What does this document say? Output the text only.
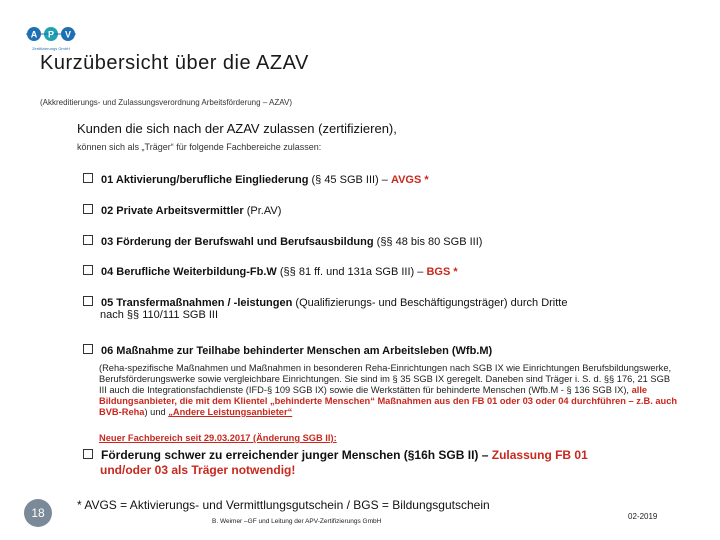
A P V
Zertifizierungs GmbH
Kurzübersicht über die AZAV
(Akkreditierungs- und Zulassungsverordnung Arbeitsförderung – AZAV)
Kunden die sich nach der AZAV zulassen (zertifizieren),
können sich als „Träger“ für folgende Fachbereiche zulassen:
01 Aktivierung/berufliche Eingliederung (§ 45 SGB III) – AVGS *
02 Private Arbeitsvermittler (Pr.AV)
03 Förderung der Berufswahl und Berufsausbildung (§§ 48 bis 80 SGB III)
04 Berufliche Weiterbildung-Fb.W (§§ 81 ff. und 131a SGB III) – BGS *
05 Transfermaßnahmen / -leistungen (Qualifizierungs- und Beschäftigungsträger) durch Dritte
nach §§ 110/111 SGB III
06 Maßnahme zur Teilhabe behinderter Menschen am Arbeitsleben (Wfb.M)
(Reha-spezifische Maßnahmen und Maßnahmen in besonderen Reha-Einrichtungen nach SGB IX wie Einrichtungen Berufsbildungswerke, Berufsförderungswerke sowie vergleichbare Einrichtungen. Sie sind im § 35 SGB IX geregelt. Daneben sind Träger i. S. d. §§ 176, 21 SGB III auch die Integrationsfachdienste (IFD-§ 109 SGB IX) sowie die Werkstätten für behinderte Menschen (Wfb.M - § 136 SGB IX), alle Bildungsanbieter, die mit dem Klientel „behinderte Menschen“ Maßnahmen aus den FB 01 oder 03 oder 04 durchführen – z.B. auch BVB-Reha) und „Andere Leistungsanbieter“
Neuer Fachbereich seit 29.03.2017 (Änderung SGB II):
Förderung schwer zu erreichender junger Menschen (§16h SGB II) – Zulassung FB 01
und/oder 03 als Träger notwendig!
18
* AVGS = Aktivierungs- und Vermittlungsgutschein / BGS = Bildungsgutschein
B. Weimer –GF und Leitung der APV-Zertifizierungs GmbH
02-2019
